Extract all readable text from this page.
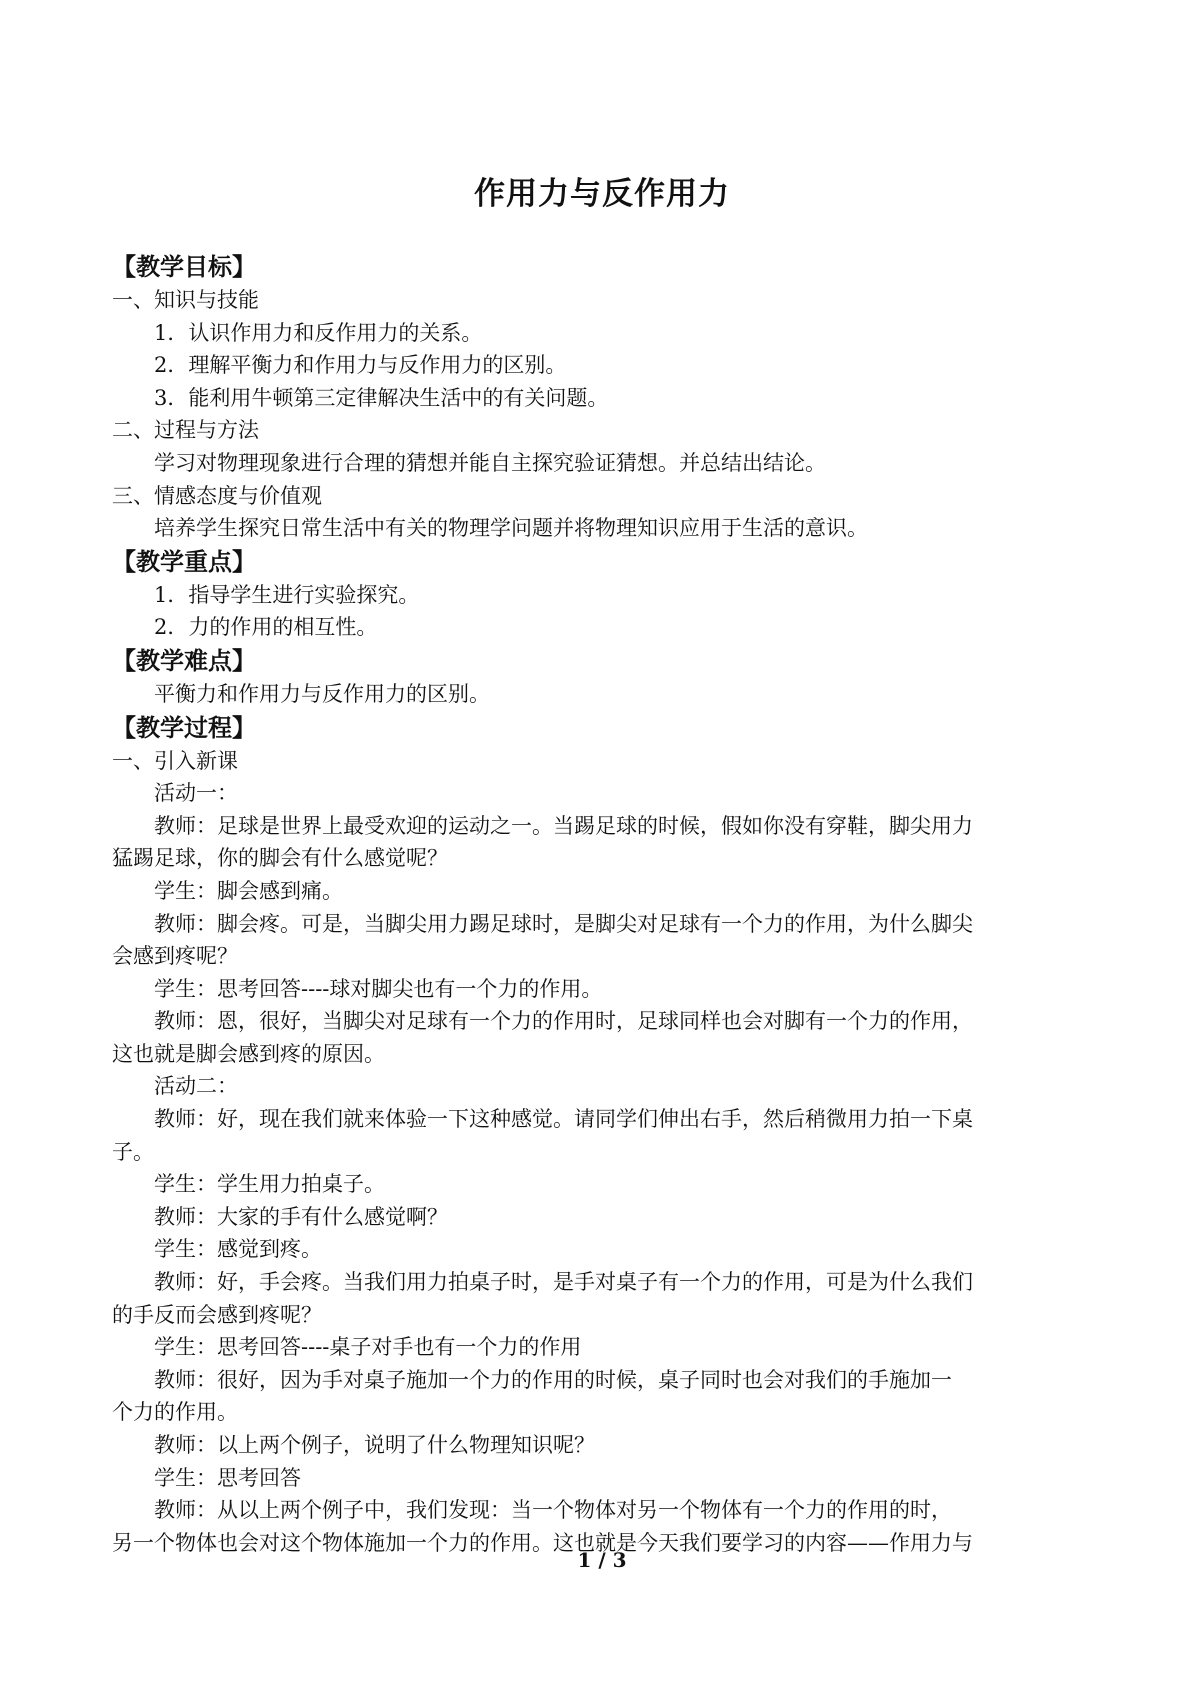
作用力与反作用力
【教学目标】
一、知识与技能
1．认识作用力和反作用力的关系。
2．理解平衡力和作用力与反作用力的区别。
3．能利用牛顿第三定律解决生活中的有关问题。
二、过程与方法
学习对物理现象进行合理的猜想并能自主探究验证猜想。并总结出结论。
三、情感态度与价值观
培养学生探究日常生活中有关的物理学问题并将物理知识应用于生活的意识。
【教学重点】
1．指导学生进行实验探究。
2．力的作用的相互性。
【教学难点】
平衡力和作用力与反作用力的区别。
【教学过程】
一、引入新课
活动一：
教师：足球是世界上最受欢迎的运动之一。当踢足球的时候，假如你没有穿鞋，脚尖用力
猛踢足球，你的脚会有什么感觉呢？
学生：脚会感到痛。
教师：脚会疼。可是，当脚尖用力踢足球时，是脚尖对足球有一个力的作用，为什么脚尖
会感到疼呢？
学生：思考回答----球对脚尖也有一个力的作用。
教师：恩，很好，当脚尖对足球有一个力的作用时，足球同样也会对脚有一个力的作用，
这也就是脚会感到疼的原因。
活动二：
教师：好，现在我们就来体验一下这种感觉。请同学们伸出右手，然后稍微用力拍一下桌
子。
学生：学生用力拍桌子。
教师：大家的手有什么感觉啊？
学生：感觉到疼。
教师：好，手会疼。当我们用力拍桌子时，是手对桌子有一个力的作用，可是为什么我们
的手反而会感到疼呢？
学生：思考回答----桌子对手也有一个力的作用
教师：很好，因为手对桌子施加一个力的作用的时候，桌子同时也会对我们的手施加一
个力的作用。
教师：以上两个例子，说明了什么物理知识呢？
学生：思考回答
教师：从以上两个例子中，我们发现：当一个物体对另一个物体有一个力的作用的时，
另一个物体也会对这个物体施加一个力的作用。这也就是今天我们要学习的内容——作用力与
1 / 3
